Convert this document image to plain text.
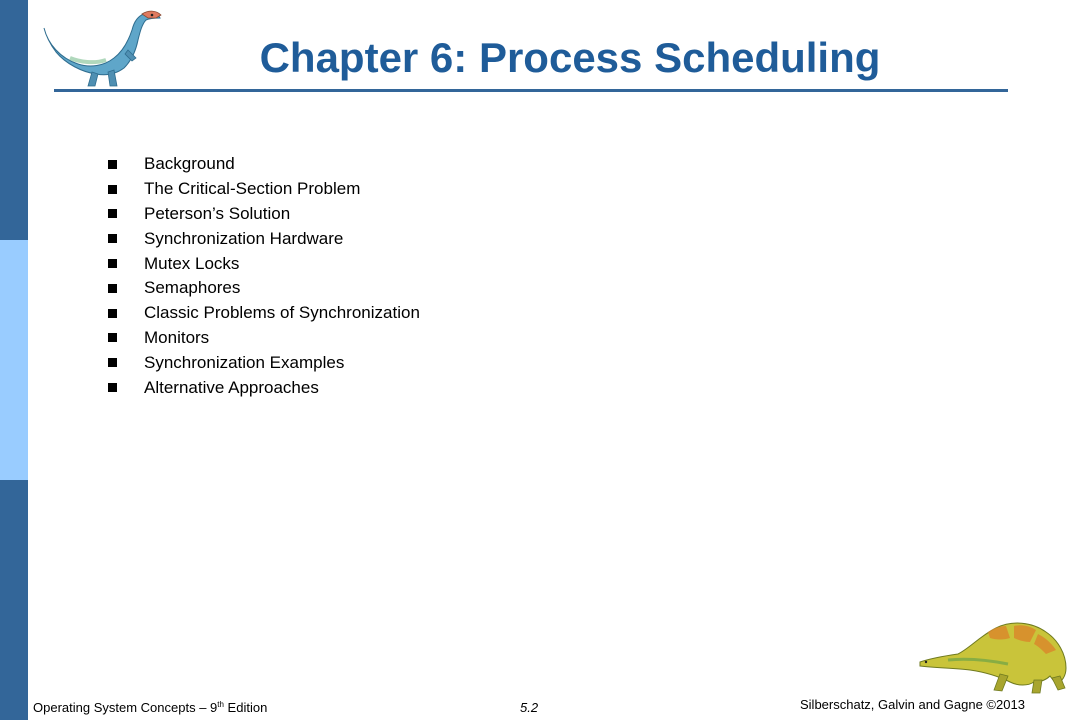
Chapter 6: Process Scheduling
Background
The Critical-Section Problem
Peterson’s Solution
Synchronization Hardware
Mutex Locks
Semaphores
Classic Problems of Synchronization
Monitors
Synchronization Examples
Alternative Approaches
Operating System Concepts – 9th Edition	5.2	Silberschatz, Galvin and Gagne ©2013
